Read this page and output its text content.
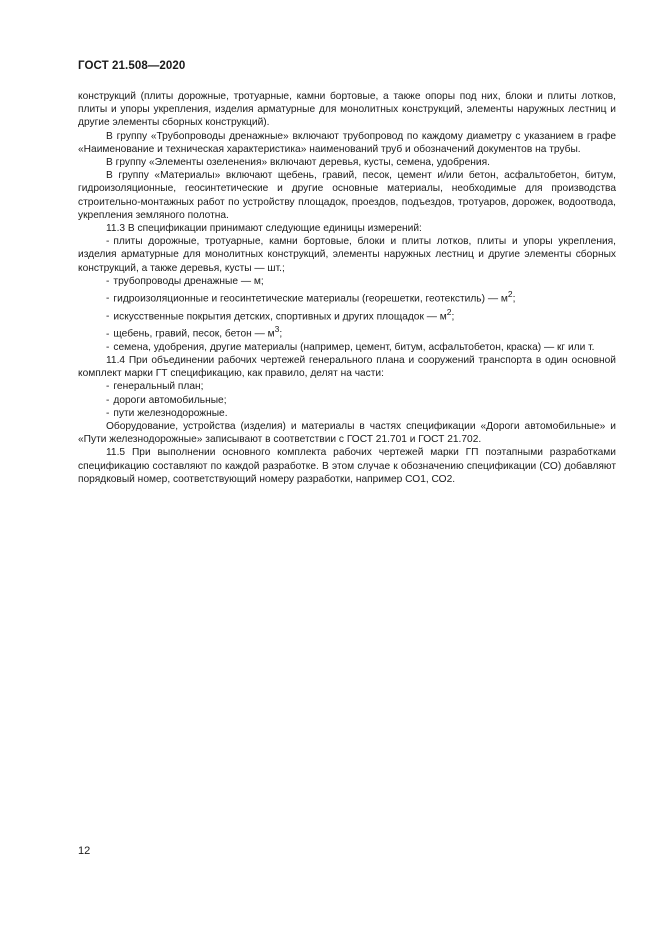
ГОСТ 21.508—2020

конструкций (плиты дорожные, тротуарные, камни бортовые, а также опоры под них, блоки и плиты лотков, плиты и упоры укрепления, изделия арматурные для монолитных конструкций, элементы наружных лестниц и другие элементы сборных конструкций).

В группу «Трубопроводы дренажные» включают трубопровод по каждому диаметру с указанием в графе «Наименование и техническая характеристика» наименований труб и обозначений документов на трубы.

В группу «Элементы озеленения» включают деревья, кусты, семена, удобрения.

В группу «Материалы» включают щебень, гравий, песок, цемент и/или бетон, асфальтобетон, битум, гидроизоляционные, геосинтетические и другие основные материалы, необходимые для производства строительно-монтажных работ по устройству площадок, проездов, подъездов, тротуаров, дорожек, водоотвода, укрепления земляного полотна.

11.3 В спецификации принимают следующие единицы измерений:

- плиты дорожные, тротуарные, камни бортовые, блоки и плиты лотков, плиты и упоры укрепления, изделия арматурные для монолитных конструкций, элементы наружных лестниц и другие элементы сборных конструкций, а также деревья, кусты — шт.;

- трубопроводы дренажные — м;

- гидроизоляционные и геосинтетические материалы (георешетки, геотекстиль) — $м^2$;

- искусственные покрытия детских, спортивных и других площадок — $м^2$;

- щебень, гравий, песок, бетон — $м^3$;

- семена, удобрения, другие материалы (например, цемент, битум, асфальтобетон, краска) — кг или т.

11.4 При объединении рабочих чертежей генерального плана и сооружений транспорта в один основной комплект марки ГТ спецификацию, как правило, делят на части:

- генеральный план;

- дороги автомобильные;

- пути железнодорожные.

Оборудование, устройства (изделия) и материалы в частях спецификации «Дороги автомобильные» и «Пути железнодорожные» записывают в соответствии с ГОСТ 21.701 и ГОСТ 21.702.

11.5 При выполнении основного комплекта рабочих чертежей марки ГП поэтапными разработками спецификацию составляют по каждой разработке. В этом случае к обозначению спецификации (СО) добавляют порядковый номер, соответствующий номеру разработки, например СО1, СО2.

12
